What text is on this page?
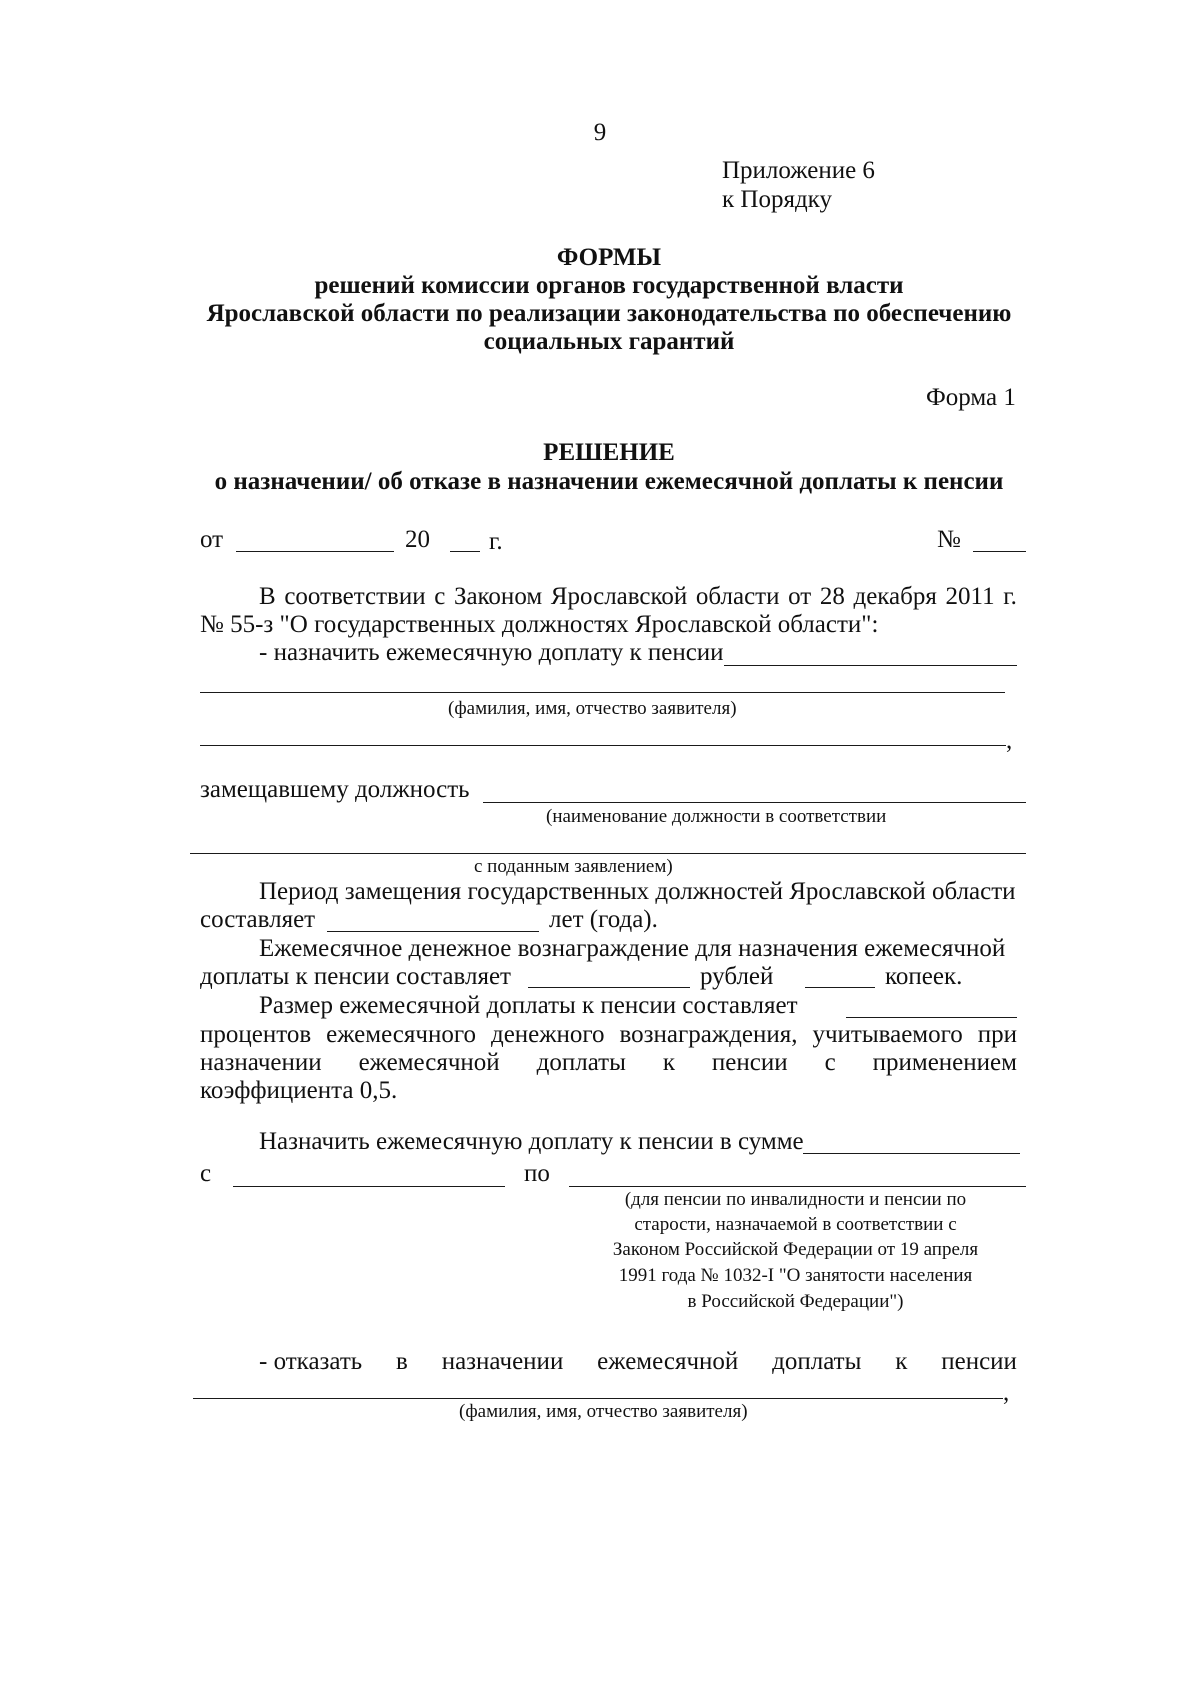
9
Приложение 6
к Порядку
ФОРМЫ
решений комиссии органов государственной власти
Ярославской области по реализации законодательства по обеспечению
социальных гарантий
Форма 1
РЕШЕНИЕ
о назначении/ об отказе в назначении ежемесячной доплаты к пенсии
от	20 г.	№
В соответствии с Законом Ярославской области от 28 декабря 2011 г.
№ 55-з "О государственных должностях Ярославской области":
- назначить ежемесячную доплату к пенсии
(фамилия, имя, отчество заявителя)
,
замещавшему должность
(наименование должности в соответствии
с поданным заявлением)
Период замещения государственных должностей Ярославской области
составляет	лет (года).
Ежемесячное денежное вознаграждение для назначения ежемесячной
доплаты к пенсии составляет	рублей	копеек.
Размер ежемесячной доплаты к пенсии составляет
процентов ежемесячного денежного вознаграждения, учитываемого при
назначении ежемесячной доплаты к пенсии с применением
коэффициента 0,5.
Назначить ежемесячную доплату к пенсии в сумме
с	по
(для пенсии по инвалидности и пенсии по
старости, назначаемой в соответствии с
Законом Российской Федерации от 19 апреля
1991 года № 1032-I "О занятости населения
в Российской Федерации")
- отказать в назначении ежемесячной доплаты к пенсии
,
(фамилия, имя, отчество заявителя)
